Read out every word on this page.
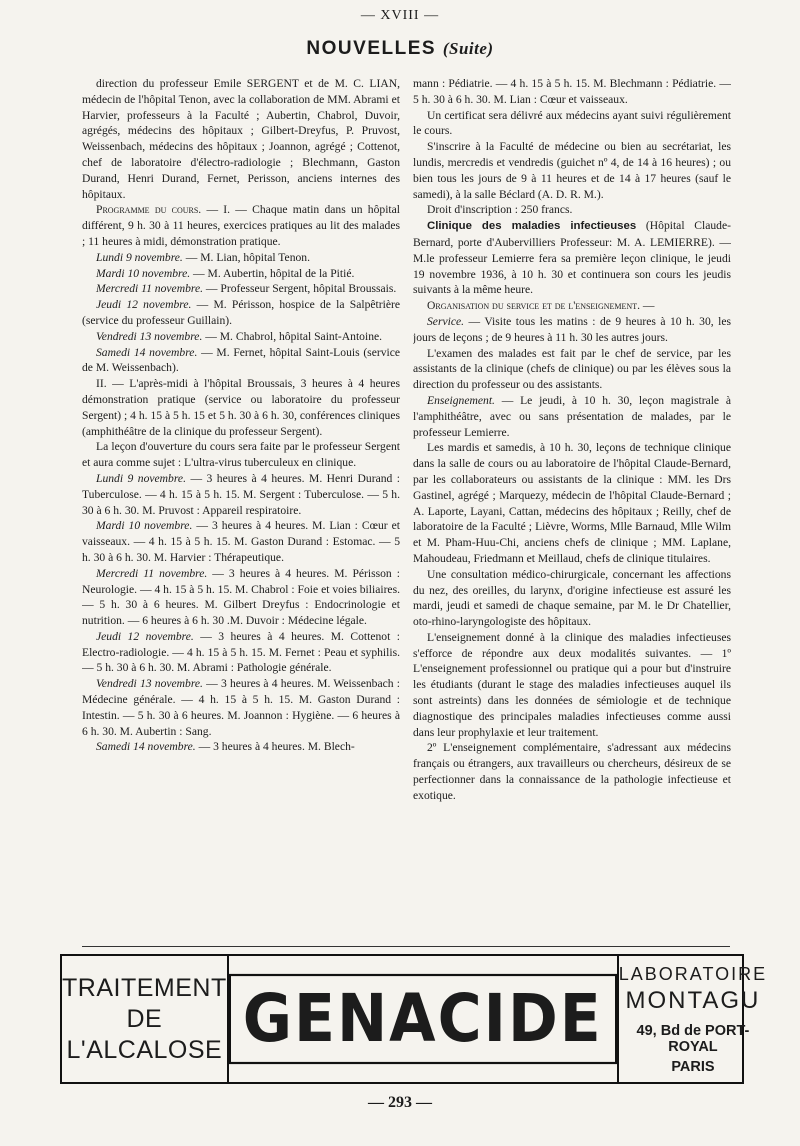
— XVIII —
NOUVELLES (Suite)

direction du professeur Emile SERGENT et de M. C. LIAN, médecin de l'hôpital Tenon, avec la collaboration de MM. Abrami et Harvier, professeurs à la Faculté ; Aubertin, Chabrol, Duvoir, agrégés, médecins des hôpitaux ; Gilbert-Dreyfus, P. Pruvost, Weissenbach, médecins des hôpitaux ; Joannon, agrégé ; Cottenot, chef de laboratoire d'électro-radiologie ; Blechmann, Gaston Durand, Henri Durand, Fernet, Perisson, anciens internes des hôpitaux.

Programme du cours. — I. — Chaque matin dans un hôpital différent, 9 h. 30 à 11 heures, exercices pratiques au lit des malades ; 11 heures à midi, démonstration pratique.

Lundi 9 novembre. — M. Lian, hôpital Tenon.

Mardi 10 novembre. — M. Aubertin, hôpital de la Pitié.

Mercredi 11 novembre. — Professeur Sergent, hôpital Broussais.

Jeudi 12 novembre. — M. Périsson, hospice de la Salpêtrière (service du professeur Guillain).

Vendredi 13 novembre. — M. Chabrol, hôpital Saint-Antoine.

Samedi 14 novembre. — M. Fernet, hôpital Saint-Louis (service de M. Weissenbach).

II. — L'après-midi à l'hôpital Broussais, 3 heures à 4 heures démonstration pratique (service ou laboratoire du professeur Sergent) ; 4 h. 15 à 5 h. 15 et 5 h. 30 à 6 h. 30, conférences cliniques (amphithéâtre de la clinique du professeur Sergent).

La leçon d'ouverture du cours sera faite par le professeur Sergent et aura comme sujet : L'ultra-virus tuberculeux en clinique.

Lundi 9 novembre. — 3 heures à 4 heures. M. Henri Durand : Tuberculose. — 4 h. 15 à 5 h. 15. M. Sergent : Tuberculose. — 5 h. 30 à 6 h. 30. M. Pruvost : Appareil respiratoire.

Mardi 10 novembre. — 3 heures à 4 heures. M. Lian : Cœur et vaisseaux. — 4 h. 15 à 5 h. 15. M. Gaston Durand : Estomac. — 5 h. 30 à 6 h. 30. M. Harvier : Thérapeutique.

Mercredi 11 novembre. — 3 heures à 4 heures. M. Périsson : Neurologie. — 4 h. 15 à 5 h. 15. M. Chabrol : Foie et voies biliaires. — 5 h. 30 à 6 heures. M. Gilbert Dreyfus : Endocrinologie et nutrition. — 6 heures à 6 h. 30 .M. Duvoir : Médecine légale.

Jeudi 12 novembre. — 3 heures à 4 heures. M. Cottenot : Electro-radiologie. — 4 h. 15 à 5 h. 15. M. Fernet : Peau et syphilis. — 5 h. 30 à 6 h. 30. M. Abrami : Pathologie générale.

Vendredi 13 novembre. — 3 heures à 4 heures. M. Weissenbach : Médecine générale. — 4 h. 15 à 5 h. 15. M. Gaston Durand : Intestin. — 5 h. 30 à 6 heures. M. Joannon : Hygiène. — 6 heures à 6 h. 30. M. Aubertin : Sang.

Samedi 14 novembre. — 3 heures à 4 heures. M. Blech-

mann : Pédiatrie. — 4 h. 15 à 5 h. 15. M. Blechmann : Pédiatrie. — 5 h. 30 à 6 h. 30. M. Lian : Cœur et vaisseaux.

Un certificat sera délivré aux médecins ayant suivi régulièrement le cours.

S'inscrire à la Faculté de médecine ou bien au secrétariat, les lundis, mercredis et vendredis (guichet nº 4, de 14 à 16 heures) ; ou bien tous les jours de 9 à 11 heures et de 14 à 17 heures (sauf le samedi), à la salle Béclard (A. D. R. M.).

Droit d'inscription : 250 francs.

Clinique des maladies infectieuses (Hôpital Claude-Bernard, porte d'Aubervilliers Professeur: M. A. LEMIERRE). — M.le professeur Lemierre fera sa première leçon clinique, le jeudi 19 novembre 1936, à 10 h. 30 et continuera son cours les jeudis suivants à la même heure.

Organisation du service et de l'enseignement. —

Service. — Visite tous les matins : de 9 heures à 10 h. 30, les jours de leçons ; de 9 heures à 11 h. 30 les autres jours.

L'examen des malades est fait par le chef de service, par les assistants de la clinique (chefs de clinique) ou par les élèves sous la direction du professeur ou des assistants.

Enseignement. — Le jeudi, à 10 h. 30, leçon magistrale à l'amphithéâtre, avec ou sans présentation de malades, par le professeur Lemierre.

Les mardis et samedis, à 10 h. 30, leçons de technique clinique dans la salle de cours ou au laboratoire de l'hôpital Claude-Bernard, par les collaborateurs ou assistants de la clinique : MM. les Drs Gastinel, agrégé ; Marquezy, médecin de l'hôpital Claude-Bernard ; A. Laporte, Layani, Cattan, médecins des hôpitaux ; Reilly, chef de laboratoire de la Faculté ; Lièvre, Worms, Mlle Barnaud, Mlle Wilm et M. Pham-Huu-Chi, anciens chefs de clinique ; MM. Laplane, Mahoudeau, Friedmann et Meillaud, chefs de clinique titulaires.

Une consultation médico-chirurgicale, concernant les affections du nez, des oreilles, du larynx, d'origine infectieuse est assuré les mardi, jeudi et samedi de chaque semaine, par M. le Dr Chatellier, oto-rhino-laryngologiste des hôpitaux.

L'enseignement donné à la clinique des maladies infectieuses s'efforce de répondre aux deux modalités suivantes. — 1º L'enseignement professionnel ou pratique qui a pour but d'instruire les étudiants (durant le stage des maladies infectieuses auquel ils sont astreints) dans les données de sémiologie et de technique diagnostique des principales maladies infectieuses comme aussi dans leur prophylaxie et leur traitement.

2º L'enseignement complémentaire, s'adressant aux médecins français ou étrangers, aux travailleurs ou chercheurs, désireux de se perfectionner dans la connaissance de la pathologie infectieuse et exotique.

TRAITEMENT
DE
L'ALCALOSE GENACIDE
LABORATOIRE
MONTAGU
49, Bd de PORT-ROYAL
PARIS
— 293 —
